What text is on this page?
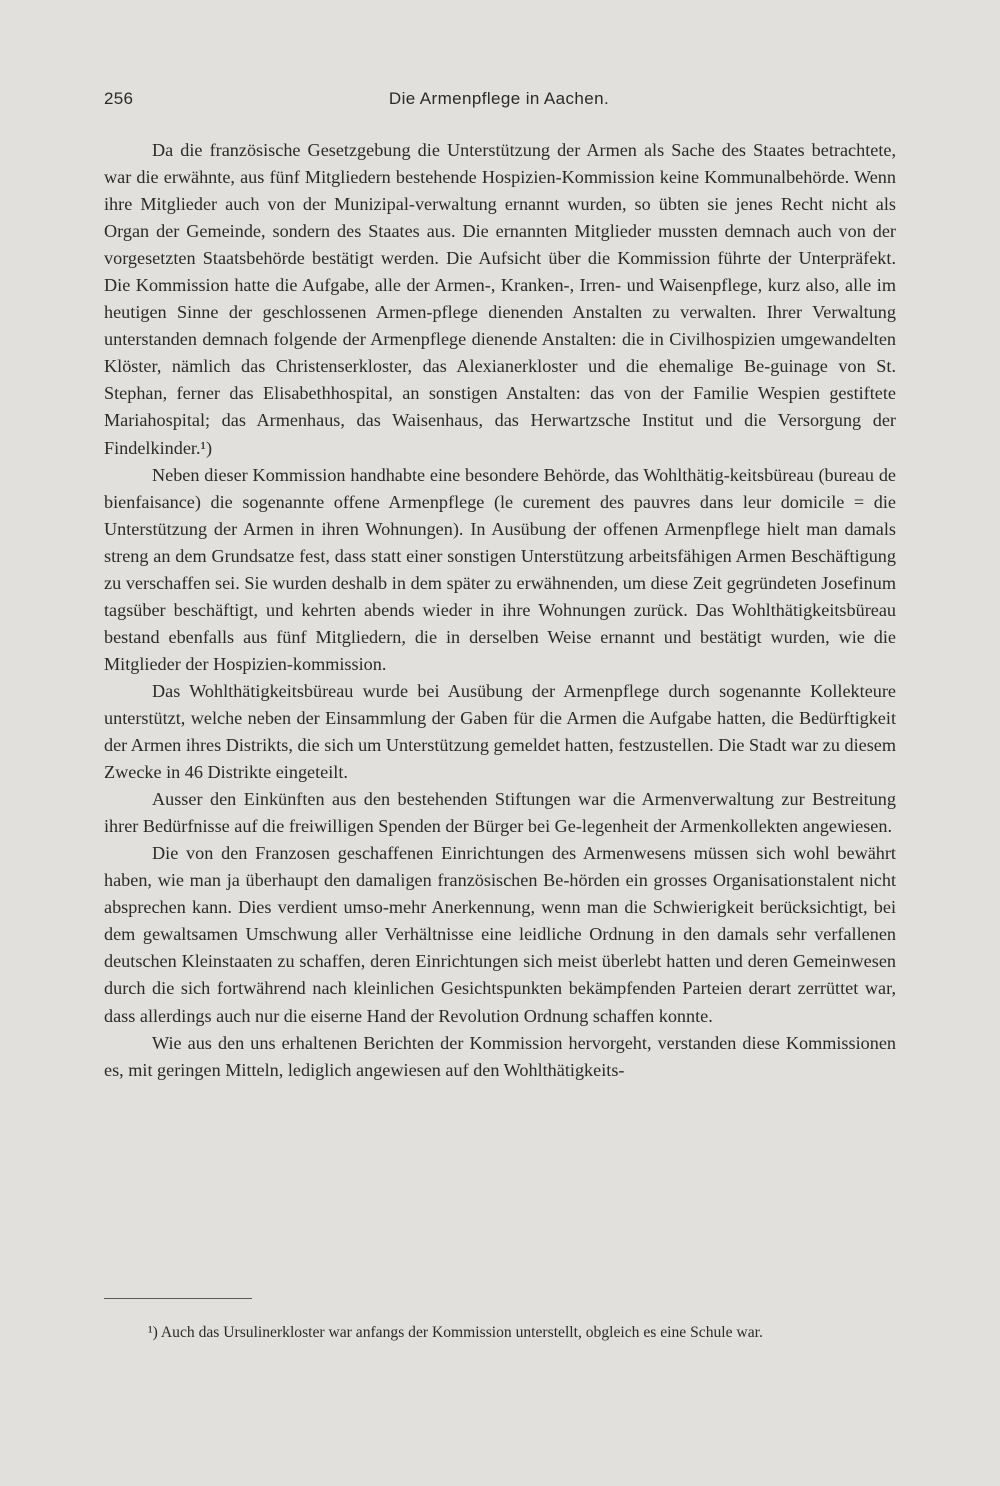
256	Die Armenpflege in Aachen.

Da die französische Gesetzgebung die Unterstützung der Armen als Sache des Staates betrachtete, war die erwähnte, aus fünf Mitgliedern bestehende Hospizien-Kommission keine Kommunalbehörde. Wenn ihre Mitglieder auch von der Munizipal-verwaltung ernannt wurden, so übten sie jenes Recht nicht als Organ der Gemeinde, sondern des Staates aus. Die ernannten Mitglieder mussten demnach auch von der vorgesetzten Staatsbehörde bestätigt werden. Die Aufsicht über die Kommission führte der Unterpräfekt. Die Kommission hatte die Aufgabe, alle der Armen-, Kranken-, Irren- und Waisenpflege, kurz also, alle im heutigen Sinne der geschlossenen Armen-pflege dienenden Anstalten zu verwalten. Ihrer Verwaltung unterstanden demnach folgende der Armenpflege dienende Anstalten: die in Civilhospizien umgewandelten Klöster, nämlich das Christenserkloster, das Alexianerkloster und die ehemalige Be-guinage von St. Stephan, ferner das Elisabethhospital, an sonstigen Anstalten: das von der Familie Wespien gestiftete Mariahospital; das Armenhaus, das Waisenhaus, das Herwartzsche Institut und die Versorgung der Findelkinder.¹)

Neben dieser Kommission handhabte eine besondere Behörde, das Wohlthätig-keitsbüreau (bureau de bienfaisance) die sogenannte offene Armenpflege (le curement des pauvres dans leur domicile = die Unterstützung der Armen in ihren Wohnungen). In Ausübung der offenen Armenpflege hielt man damals streng an dem Grundsatze fest, dass statt einer sonstigen Unterstützung arbeitsfähigen Armen Beschäftigung zu verschaffen sei. Sie wurden deshalb in dem später zu erwähnenden, um diese Zeit gegründeten Josefinum tagsüber beschäftigt, und kehrten abends wieder in ihre Wohnungen zurück. Das Wohlthätigkeitsbüreau bestand ebenfalls aus fünf Mitgliedern, die in derselben Weise ernannt und bestätigt wurden, wie die Mitglieder der Hospizien-kommission.

Das Wohlthätigkeitsbüreau wurde bei Ausübung der Armenpflege durch sogenannte Kollekteure unterstützt, welche neben der Einsammlung der Gaben für die Armen die Aufgabe hatten, die Bedürftigkeit der Armen ihres Distrikts, die sich um Unterstützung gemeldet hatten, festzustellen. Die Stadt war zu diesem Zwecke in 46 Distrikte eingeteilt.

Ausser den Einkünften aus den bestehenden Stiftungen war die Armenverwaltung zur Bestreitung ihrer Bedürfnisse auf die freiwilligen Spenden der Bürger bei Ge-legenheit der Armenkollekten angewiesen.

Die von den Franzosen geschaffenen Einrichtungen des Armenwesens müssen sich wohl bewährt haben, wie man ja überhaupt den damaligen französischen Be-hörden ein grosses Organisationstalent nicht absprechen kann. Dies verdient umso-mehr Anerkennung, wenn man die Schwierigkeit berücksichtigt, bei dem gewaltsamen Umschwung aller Verhältnisse eine leidliche Ordnung in den damals sehr verfallenen deutschen Kleinstaaten zu schaffen, deren Einrichtungen sich meist überlebt hatten und deren Gemeinwesen durch die sich fortwährend nach kleinlichen Gesichtspunkten bekämpfenden Parteien derart zerrüttet war, dass allerdings auch nur die eiserne Hand der Revolution Ordnung schaffen konnte.

Wie aus den uns erhaltenen Berichten der Kommission hervorgeht, verstanden diese Kommissionen es, mit geringen Mitteln, lediglich angewiesen auf den Wohlthätigkeits-

¹) Auch das Ursulinerkloster war anfangs der Kommission unterstellt, obgleich es eine Schule war.
